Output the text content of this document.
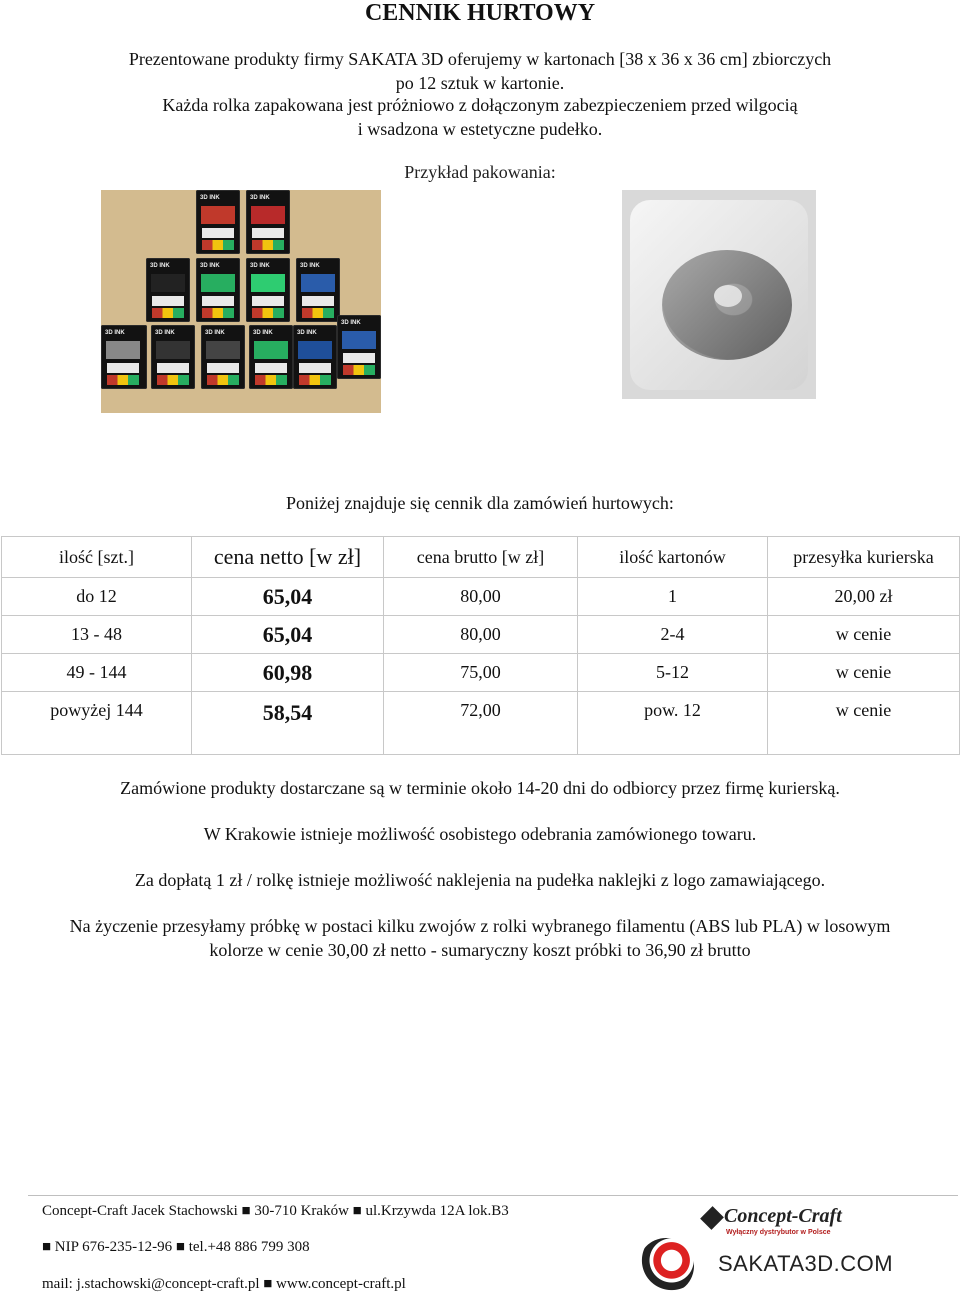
CENNIK HURTOWY
Prezentowane produkty firmy SAKATA 3D oferujemy w kartonach [38 x 36 x 36 cm] zbiorczych
po 12 sztuk w kartonie.
Każda rolka zapakowana jest próżniowo z dołączonym zabezpieczeniem przed wilgocią
i wsadzona w estetyczne pudełko.
Przykład pakowania:
3D INK	3D INK
3D INK	3D INK	3D INK	3D INK
3D INK	3D INK	3D INK	3D INK	3D INK
3D INK
Poniżej znajduje się cennik dla zamówień hurtowych:
ilość [szt.]	cena netto [w zł]	cena brutto [w zł]	ilość kartonów	przesyłka kurierska
do 12	65,04	80,00	1	20,00 zł
13 - 48	65,04	80,00	2-4	w cenie
49 - 144	60,98	75,00	5-12	w cenie
powyżej 144	58,54	72,00	pow. 12	w cenie
Zamówione produkty dostarczane są w terminie około 14-20 dni do odbiorcy przez firmę kurierską.
W Krakowie istnieje możliwość osobistego odebrania zamówionego towaru.
Za dopłatą 1 zł / rolkę istnieje możliwość naklejenia na pudełka naklejki z logo zamawiającego.
Na życzenie przesyłamy próbkę w postaci kilku zwojów z rolki wybranego filamentu (ABS lub PLA) w losowym
kolorze w cenie 30,00 zł netto - sumaryczny koszt próbki to 36,90 zł brutto
Concept-Craft Jacek Stachowski ■ 30-710 Kraków ■ ul.Krzywda 12A lok.B3
■ NIP 676-235-12-96 ■ tel.+48 886 799 308
mail: j.stachowski@concept-craft.pl ■ www.concept-craft.pl
Concept-Craft
Wyłączny dystrybutor w Polsce
SAKATA3D.COM
